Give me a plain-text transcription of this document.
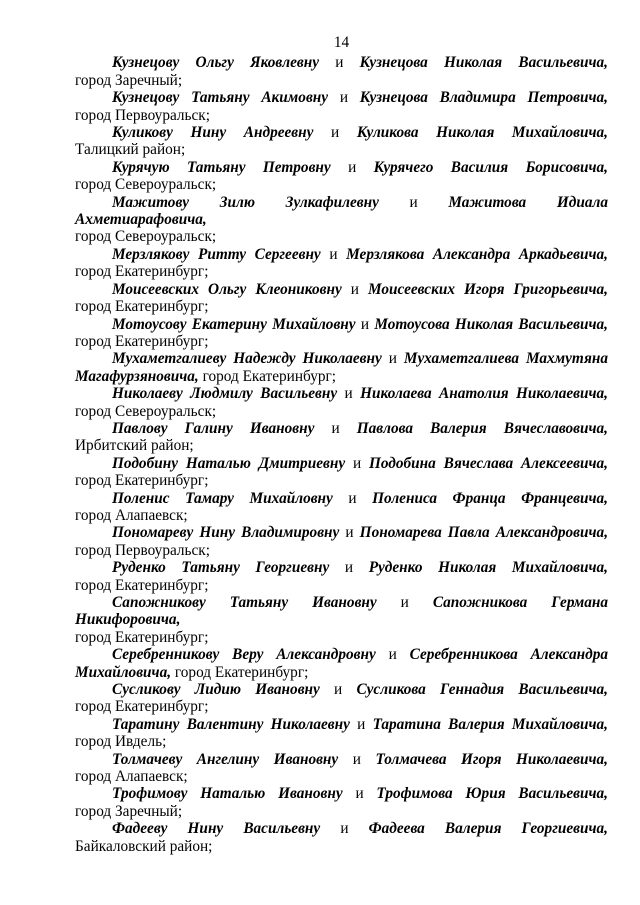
14
Кузнецову Ольгу Яковлевну и Кузнецова Николая Васильевича,
город Заречный;
Кузнецову Татьяну Акимовну и Кузнецова Владимира Петровича,
город Первоуральск;
Куликову Нину Андреевну и Куликова Николая Михайловича,
Талицкий район;
Курячую Татьяну Петровну и Курячего Василия Борисовича,
город Североуральск;
Мажитову Зилю Зулкафилевну и Мажитова Идиала Ахметиарафовича,
город Североуральск;
Мерзлякову Ритту Сергеевну и Мерзлякова Александра Аркадьевича,
город Екатеринбург;
Моисеевских Ольгу Клеониковну и Моисеевских Игоря Григорьевича,
город Екатеринбург;
Мотоусову Екатерину Михайловну и Мотоусова Николая Васильевича,
город Екатеринбург;
Мухаметгалиеву Надежду Николаевну и Мухаметгалиева Махмутяна
Магафурзяновича, город Екатеринбург;
Николаеву Людмилу Васильевну и Николаева Анатолия Николаевича,
город Североуральск;
Павлову Галину Ивановну и Павлова Валерия Вячеславовича,
Ирбитский район;
Подобину Наталью Дмитриевну и Подобина Вячеслава Алексеевича,
город Екатеринбург;
Поленис Тамару Михайловну и Полениса Франца Францевича,
город Алапаевск;
Пономареву Нину Владимировну и Пономарева Павла Александровича,
город Первоуральск;
Руденко Татьяну Георгиевну и Руденко Николая Михайловича,
город Екатеринбург;
Сапожникову Татьяну Ивановну и Сапожникова Германа Никифоровича,
город Екатеринбург;
Серебренникову Веру Александровну и Серебренникова Александра
Михайловича, город Екатеринбург;
Сусликову Лидию Ивановну и Сусликова Геннадия Васильевича,
город Екатеринбург;
Таратину Валентину Николаевну и Таратина Валерия Михайловича,
город Ивдель;
Толмачеву Ангелину Ивановну и Толмачева Игоря Николаевича,
город Алапаевск;
Трофимову Наталью Ивановну и Трофимова Юрия Васильевича,
город Заречный;
Фадееву Нину Васильевну и Фадеева Валерия Георгиевича,
Байкаловский район;
